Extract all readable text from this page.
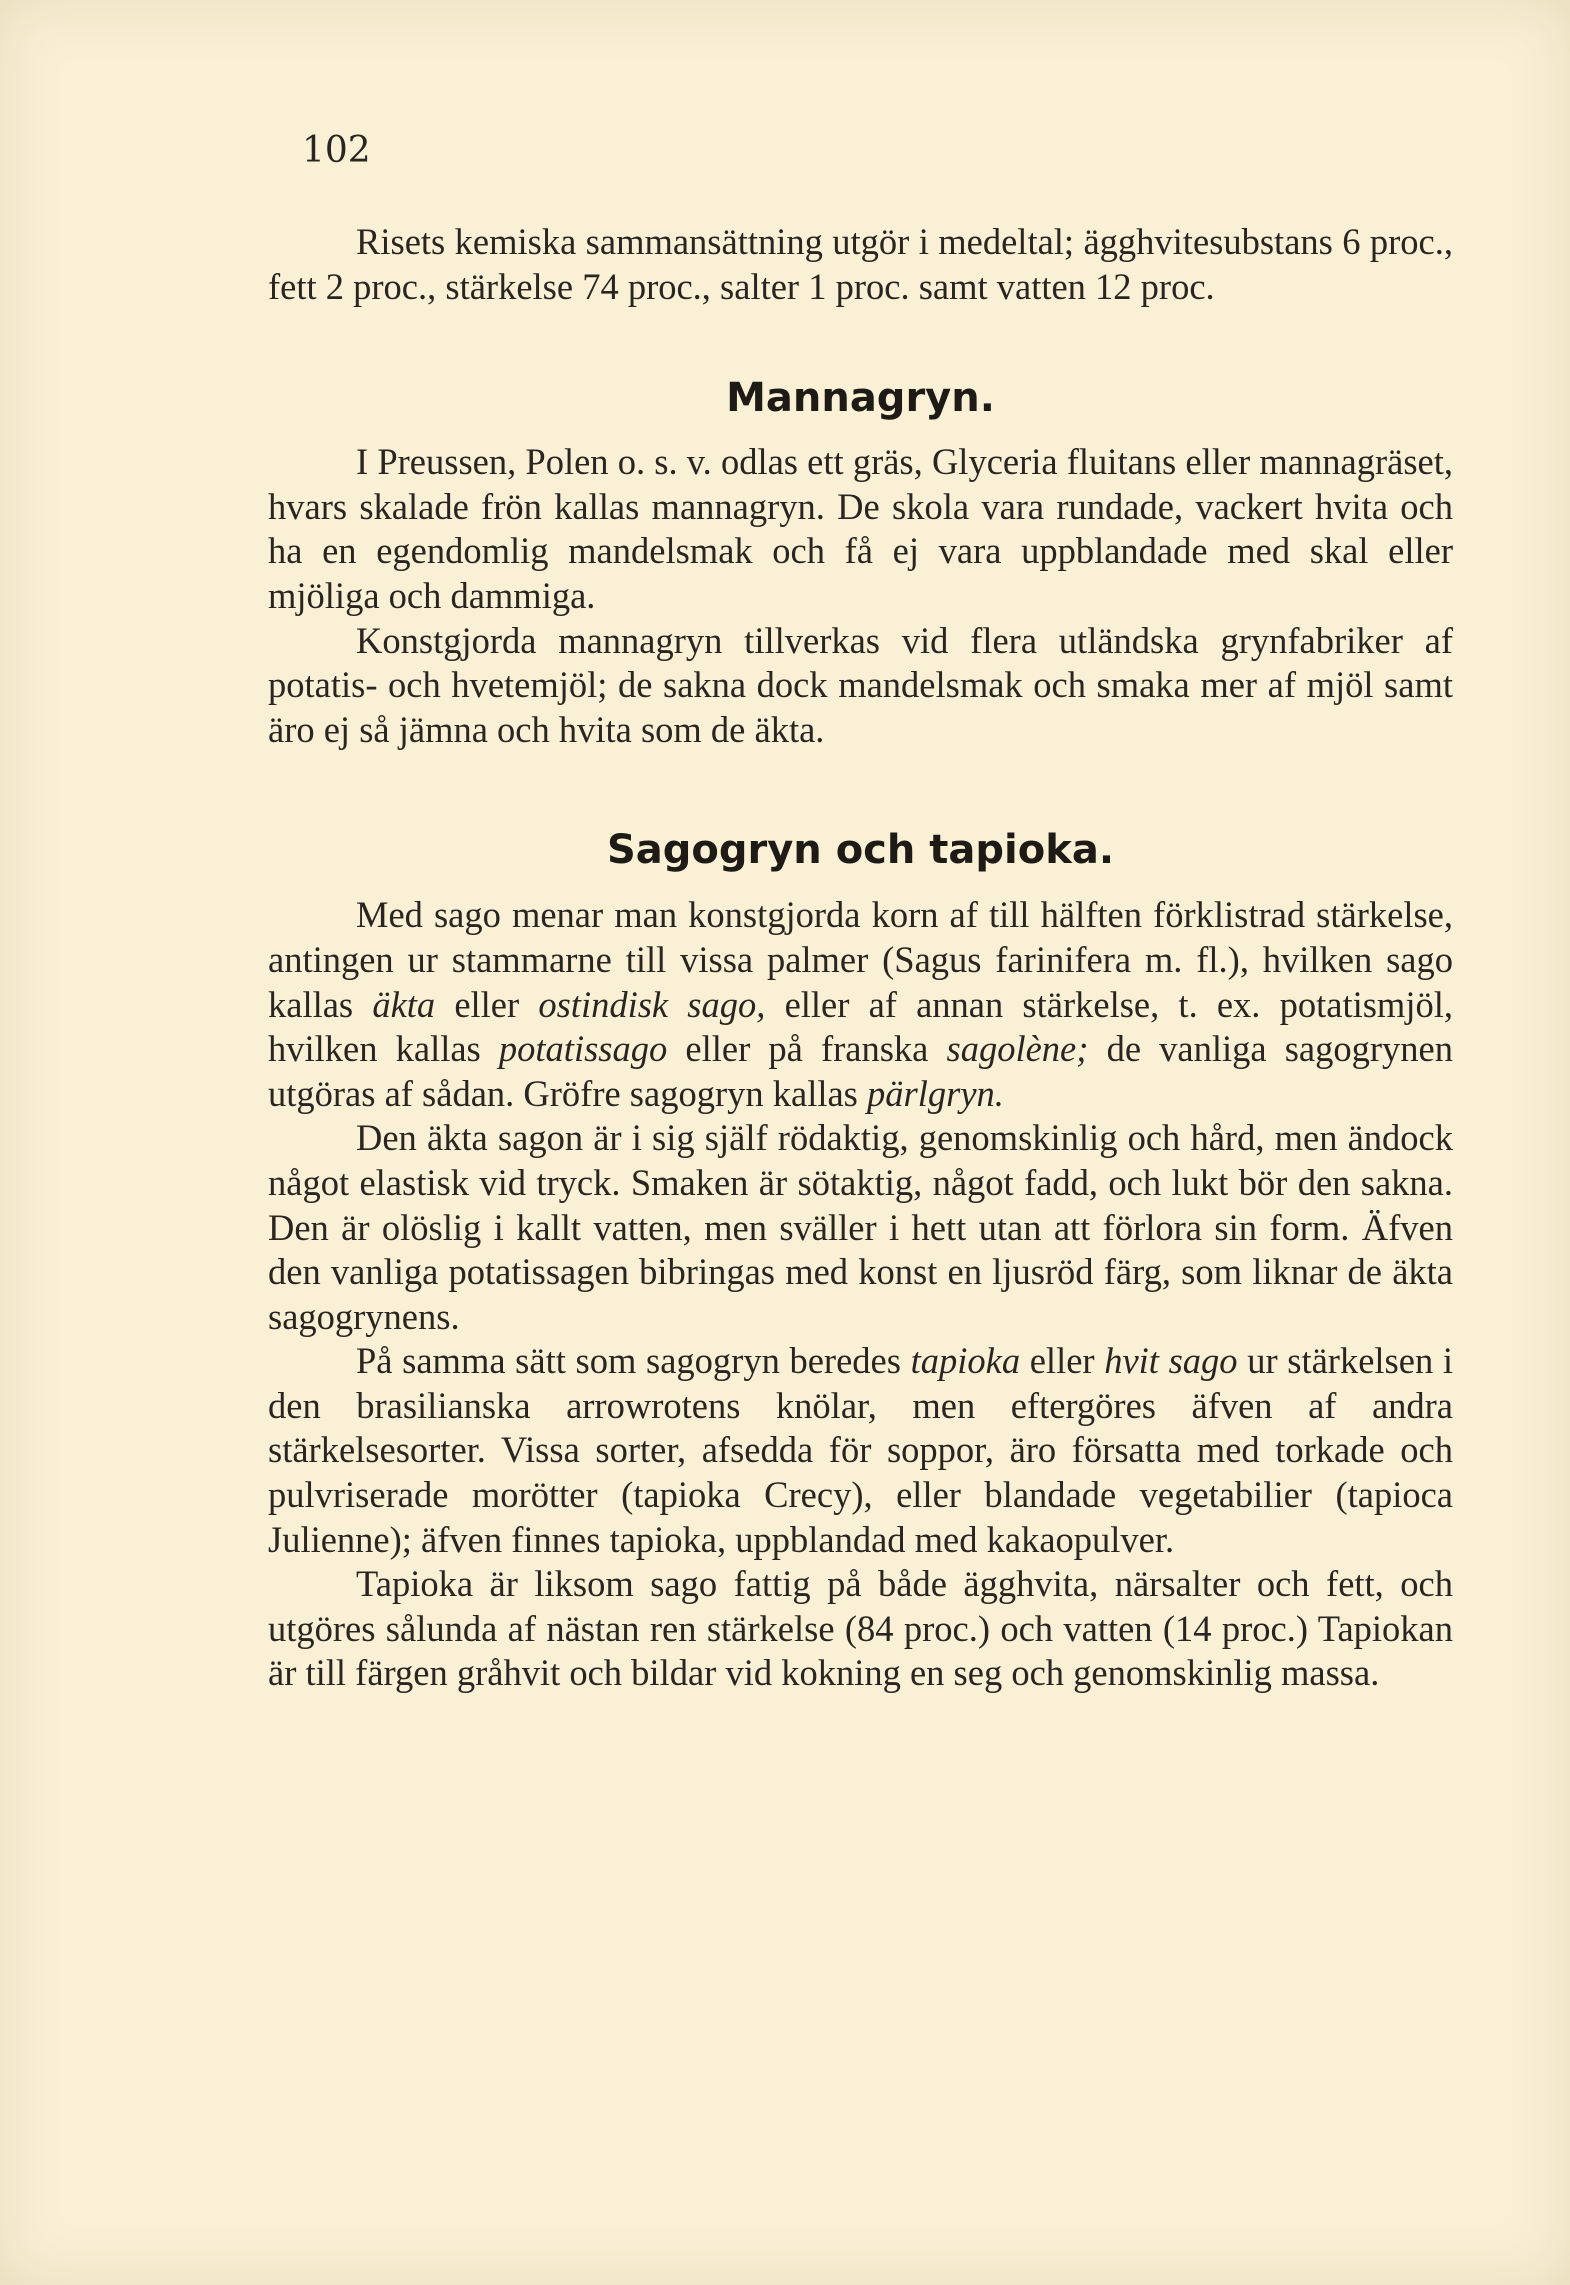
102

Risets kemiska sammansättning utgör i medeltal; ägghvitesubstans 6 proc., fett 2 proc., stärkelse 74 proc., salter 1 proc. samt vatten 12 proc.

Mannagryn.

I Preussen, Polen o. s. v. odlas ett gräs, Glyceria fluitans eller mannagräset, hvars skalade frön kallas mannagryn. De skola vara rundade, vackert hvita och ha en egendomlig mandelsmak och få ej vara uppblandade med skal eller mjöliga och dammiga.

Konstgjorda mannagryn tillverkas vid flera utländska grynfabriker af potatis- och hvetemjöl; de sakna dock mandelsmak och smaka mer af mjöl samt äro ej så jämna och hvita som de äkta.

Sagogryn och tapioka.

Med sago menar man konstgjorda korn af till hälften förklistrad stärkelse, antingen ur stammarne till vissa palmer (Sagus farinifera m. fl.), hvilken sago kallas äkta eller ostindisk sago, eller af annan stärkelse, t. ex. potatismjöl, hvilken kallas potatissago eller på franska sagolène; de vanliga sagogrynen utgöras af sådan. Gröfre sagogryn kallas pärlgryn.

Den äkta sagon är i sig själf rödaktig, genomskinlig och hård, men ändock något elastisk vid tryck. Smaken är sötaktig, något fadd, och lukt bör den sakna. Den är olöslig i kallt vatten, men sväller i hett utan att förlora sin form. Äfven den vanliga potatissagen bibringas med konst en ljusröd färg, som liknar de äkta sagogrynens.

På samma sätt som sagogryn beredes tapioka eller hvit sago ur stärkelsen i den brasilianska arrowrotens knölar, men eftergöres äfven af andra stärkelsesorter. Vissa sorter, afsedda för soppor, äro försatta med torkade och pulvriserade morötter (tapioka Crecy), eller blandade vegetabilier (tapioca Julienne); äfven finnes tapioka, uppblandad med kakaopulver.

Tapioka är liksom sago fattig på både ägghvita, närsalter och fett, och utgöres sålunda af nästan ren stärkelse (84 proc.) och vatten (14 proc.) Tapiokan är till färgen gråhvit och bildar vid kokning en seg och genomskinlig massa.
